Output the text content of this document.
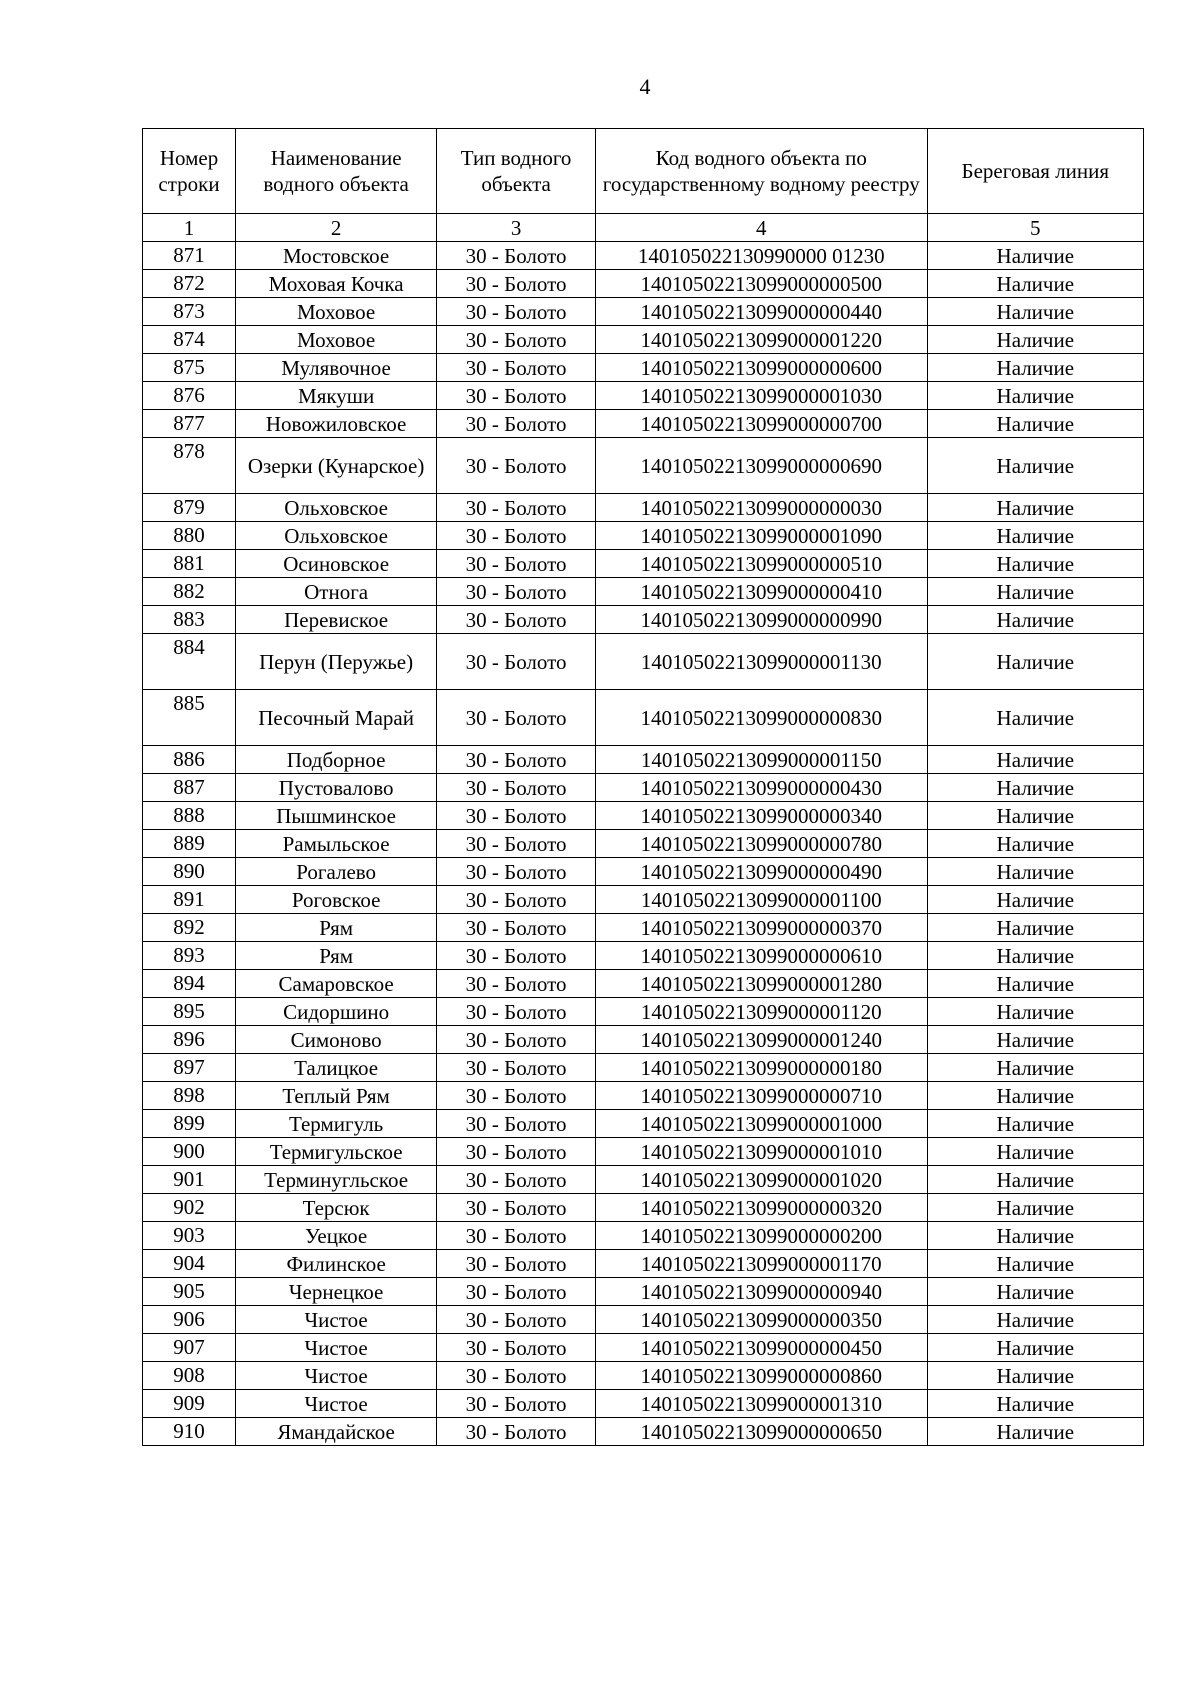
4
Номер строки	Наименование водного объекта	Тип водного объекта	Код водного объекта по государственному водному реестру	Береговая линия
1	2	3	4	5
871	Мостовское	30 - Болото	140105022130990000 01230	Наличие
872	Моховая Кочка	30 - Болото	14010502213099000000500	Наличие
873	Моховое	30 - Болото	14010502213099000000440	Наличие
874	Моховое	30 - Болото	14010502213099000001220	Наличие
875	Мулявочное	30 - Болото	14010502213099000000600	Наличие
876	Мякуши	30 - Болото	14010502213099000001030	Наличие
877	Новожиловское	30 - Болото	14010502213099000000700	Наличие
878	Озерки (Кунарское)	30 - Болото	14010502213099000000690	Наличие
879	Ольховское	30 - Болото	14010502213099000000030	Наличие
880	Ольховское	30 - Болото	14010502213099000001090	Наличие
881	Осиновское	30 - Болото	14010502213099000000510	Наличие
882	Отнога	30 - Болото	14010502213099000000410	Наличие
883	Перевиское	30 - Болото	14010502213099000000990	Наличие
884	Перун (Перужье)	30 - Болото	14010502213099000001130	Наличие
885	Песочный Марай	30 - Болото	14010502213099000000830	Наличие
886	Подборное	30 - Болото	14010502213099000001150	Наличие
887	Пустовалово	30 - Болото	14010502213099000000430	Наличие
888	Пышминское	30 - Болото	14010502213099000000340	Наличие
889	Рамыльское	30 - Болото	14010502213099000000780	Наличие
890	Рогалево	30 - Болото	14010502213099000000490	Наличие
891	Роговское	30 - Болото	14010502213099000001100	Наличие
892	Рям	30 - Болото	14010502213099000000370	Наличие
893	Рям	30 - Болото	14010502213099000000610	Наличие
894	Самаровское	30 - Болото	14010502213099000001280	Наличие
895	Сидоршино	30 - Болото	14010502213099000001120	Наличие
896	Симоново	30 - Болото	14010502213099000001240	Наличие
897	Талицкое	30 - Болото	14010502213099000000180	Наличие
898	Теплый Рям	30 - Болото	14010502213099000000710	Наличие
899	Термигуль	30 - Болото	14010502213099000001000	Наличие
900	Термигульское	30 - Болото	14010502213099000001010	Наличие
901	Терминугльское	30 - Болото	14010502213099000001020	Наличие
902	Терсюк	30 - Болото	14010502213099000000320	Наличие
903	Уецкое	30 - Болото	14010502213099000000200	Наличие
904	Филинское	30 - Болото	14010502213099000001170	Наличие
905	Чернецкое	30 - Болото	14010502213099000000940	Наличие
906	Чистое	30 - Болото	14010502213099000000350	Наличие
907	Чистое	30 - Болото	14010502213099000000450	Наличие
908	Чистое	30 - Болото	14010502213099000000860	Наличие
909	Чистое	30 - Болото	14010502213099000001310	Наличие
910	Ямандайское	30 - Болото	14010502213099000000650	Наличие
